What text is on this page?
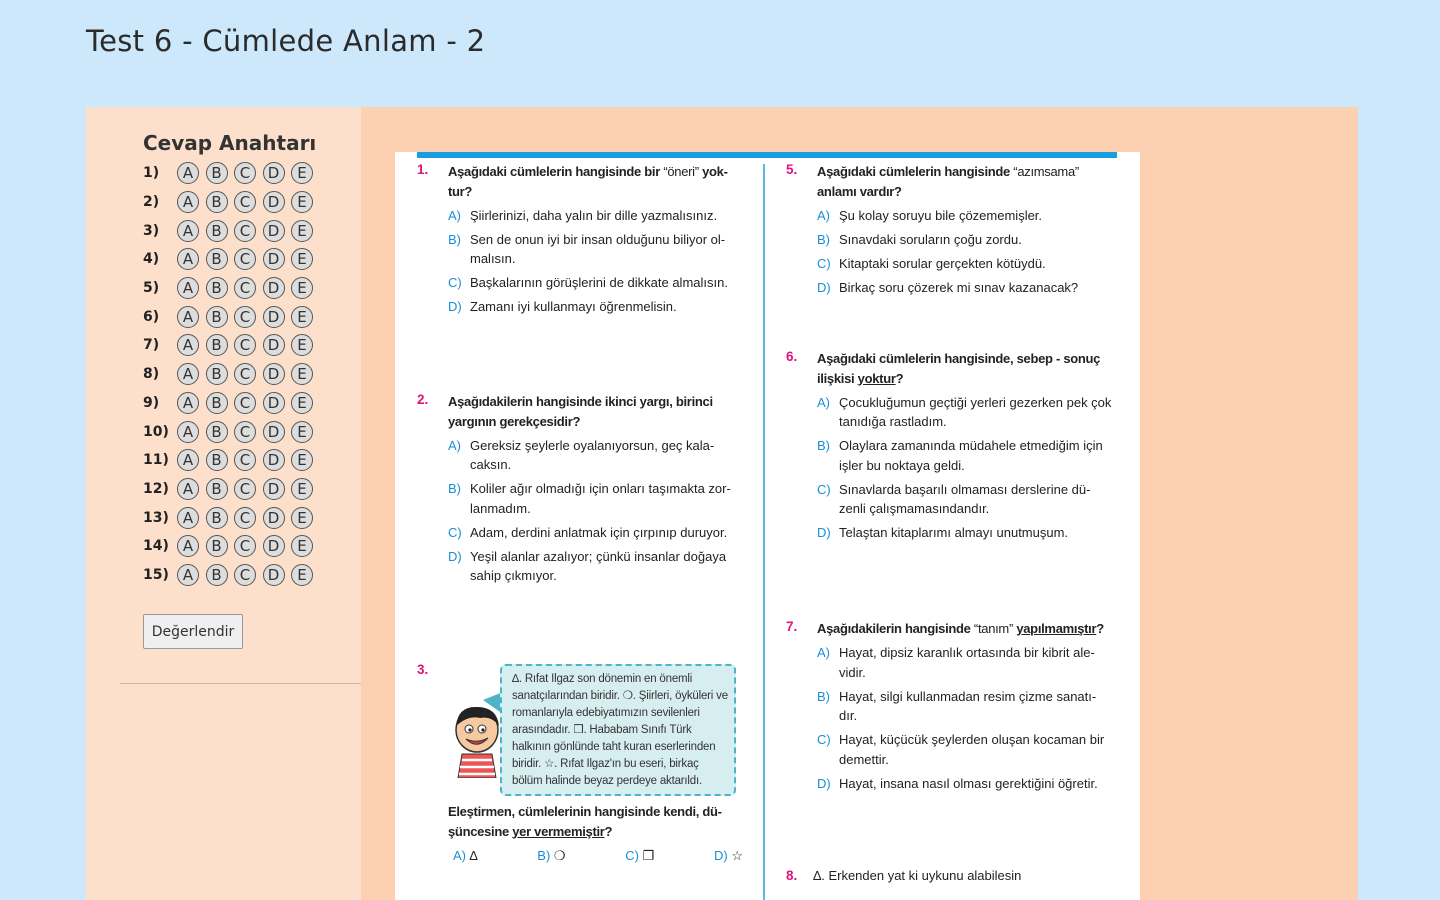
Test 6 - Cümlede Anlam - 2
Cevap Anahtarı
1)	A	B	C	D	E
2)	A	B	C	D	E
3)	A	B	C	D	E
4)	A	B	C	D	E
5)	A	B	C	D	E
6)	A	B	C	D	E
7)	A	B	C	D	E
8)	A	B	C	D	E
9)	A	B	C	D	E
10) A	B	C	D	E
11) A	B	C	D	E
12) A	B	C	D	E
13) A	B	C	D	E
14) A	B	C	D	E
15) A	B	C	D	E
Değerlendir
1. Aşağıdaki cümlelerin hangisinde bir “öneri” yok-
tur?
A) Şiirlerinizi, daha yalın bir dille yazmalısınız.
B) Sen de onun iyi bir insan olduğunu biliyor ol- malısın.
C) Başkalarının görüşlerini de dikkate almalısın.
D) Zamanı iyi kullanmayı öğrenmelisin.
2. Aşağıdakilerin hangisinde ikinci yargı, birinci yargının gerekçesidir?
A) Gereksiz şeylerle oyalanıyorsun, geç kala- caksın.
B) Koliler ağır olmadığı için onları taşımakta zor- lanmadım.
C) Adam, derdini anlatmak için çırpınıp duruyor.
D) Yeşil alanlar azalıyor; çünkü insanlar doğaya sahip çıkmıyor.
3.
∆. Rıfat Ilgaz son dönemin en önemli sanatçılarından biridir. ❍. Şiirleri, öyküleri ve romanlarıyla edebiyatımızın sevilenleri arasındadır. ❒. Hababam Sınıfı Türk halkının gönlünde taht kuran eserlerinden biridir. ☆. Rıfat Ilgaz'ın bu eseri, birkaç bölüm halinde beyaz perdeye aktarıldı.
Eleştirmen, cümlelerinin hangisinde kendi, dü- şüncesine yer vermemiştir?
A) ∆	B) ❍	C) ❒	D) ☆
5. Aşağıdaki cümlelerin hangisinde “azımsama” anlamı vardır?
A) Şu kolay soruyu bile çözememişler.
B) Sınavdaki soruların çoğu zordu.
C) Kitaptaki sorular gerçekten kötüydü.
D) Birkaç soru çözerek mi sınav kazanacak?
6. Aşağıdaki cümlelerin hangisinde, sebep - sonuç ilişkisi yoktur?
A) Çocukluğumun geçtiği yerleri gezerken pek çok tanıdığa rastladım.
B) Olaylara zamanında müdahele etmediğim için işler bu noktaya geldi.
C) Sınavlarda başarılı olmaması derslerine dü- zenli çalışmamasındandır.
D) Telaştan kitaplarımı almayı unutmuşum.
7. Aşağıdakilerin hangisinde “tanım” yapılmamıştır?
A) Hayat, dipsiz karanlık ortasında bir kibrit ale- vidir.
B) Hayat, silgi kullanmadan resim çizme sanatı- dır.
C) Hayat, küçücük şeylerden oluşan kocaman bir demettir.
D) Hayat, insana nasıl olması gerektiğini öğretir.
8. ∆. Erkenden yat ki uykunu alabilesin
